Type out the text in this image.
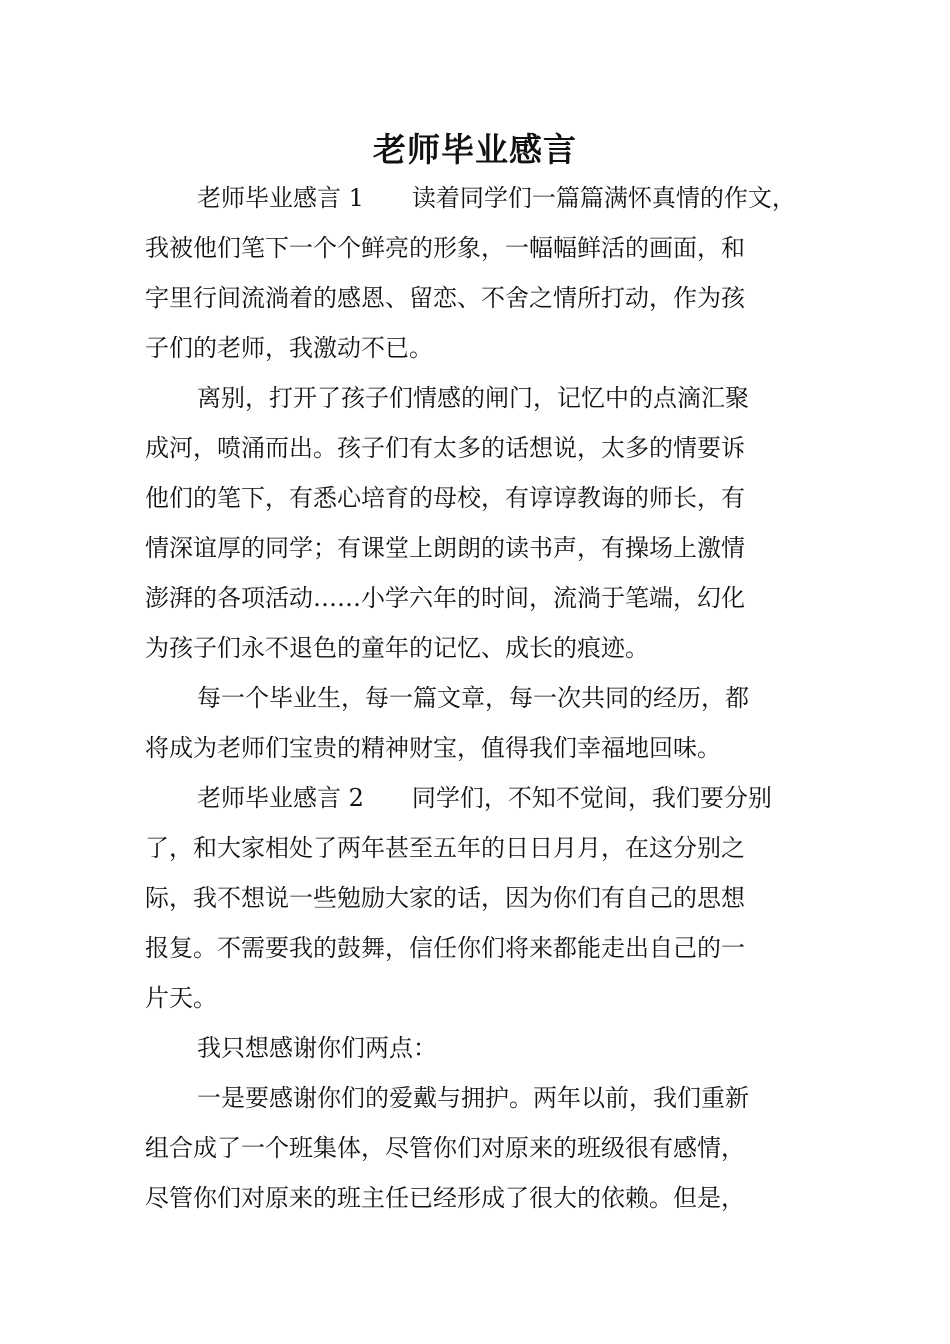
老师毕业感言
老师毕业感言 1 读着同学们一篇篇满怀真情的作文，
我被他们笔下一个个鲜亮的形象，一幅幅鲜活的画面，和
字里行间流淌着的感恩、留恋、不舍之情所打动，作为孩
子们的老师，我激动不已。
离别，打开了孩子们情感的闸门，记忆中的点滴汇聚
成河，喷涌而出。孩子们有太多的话想说，太多的情要诉
他们的笔下，有悉心培育的母校，有谆谆教诲的师长，有
情深谊厚的同学；有课堂上朗朗的读书声，有操场上激情
澎湃的各项活动……小学六年的时间，流淌于笔端，幻化
为孩子们永不退色的童年的记忆、成长的痕迹。
每一个毕业生，每一篇文章，每一次共同的经历，都
将成为老师们宝贵的精神财宝，值得我们幸福地回味。
老师毕业感言 2 同学们，不知不觉间，我们要分别
了，和大家相处了两年甚至五年的日日月月，在这分别之
际，我不想说一些勉励大家的话，因为你们有自己的思想
报复。不需要我的鼓舞，信任你们将来都能走出自己的一
片天。
我只想感谢你们两点：
一是要感谢你们的爱戴与拥护。两年以前，我们重新
组合成了一个班集体，尽管你们对原来的班级很有感情，
尽管你们对原来的班主任已经形成了很大的依赖。但是，
